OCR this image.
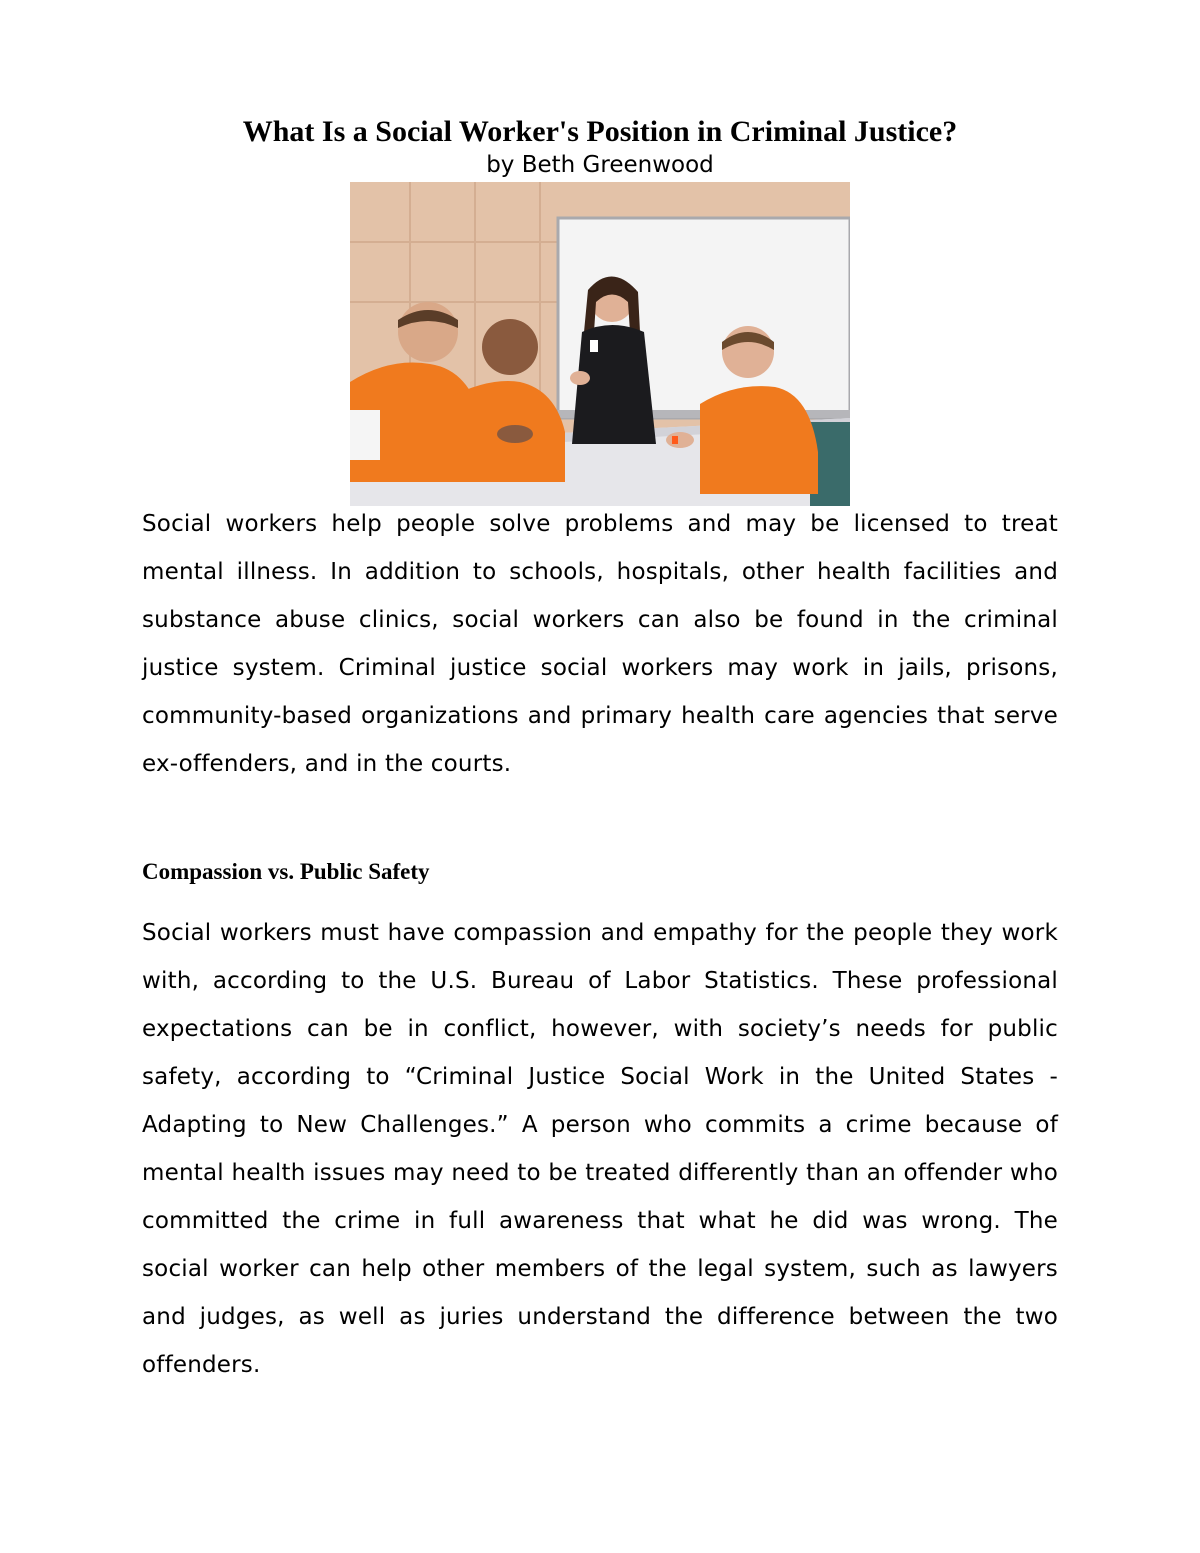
What Is a Social Worker's Position in Criminal Justice?

by Beth Greenwood

Social workers help people solve problems and may be licensed to treat mental illness. In addition to schools, hospitals, other health facilities and substance abuse clinics, social workers can also be found in the criminal justice system. Criminal justice social workers may work in jails, prisons, community-based organizations and primary health care agencies that serve ex-offenders, and in the courts.

Compassion vs. Public Safety

Social workers must have compassion and empathy for the people they work with, according to the U.S. Bureau of Labor Statistics. These professional expectations can be in conflict, however, with society’s needs for public safety, according to “Criminal Justice Social Work in the United States - Adapting to New Challenges.” A person who commits a crime because of mental health issues may need to be treated differently than an offender who committed the crime in full awareness that what he did was wrong. The social worker can help other members of the legal system, such as lawyers and judges, as well as juries understand the difference between the two offenders.
